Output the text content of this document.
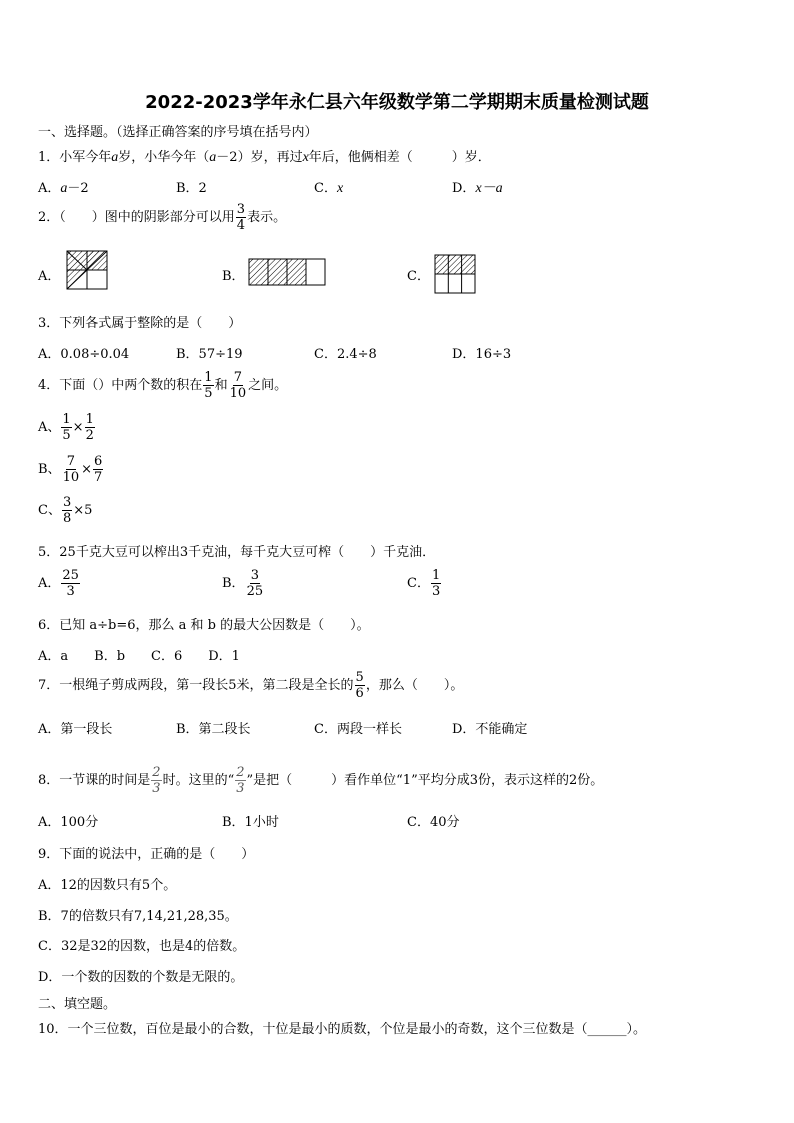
2022-2023学年永仁县六年级数学第二学期期末质量检测试题
一、选择题。（选择正确答案的序号填在括号内）
1．小军今年a岁，小华今年（a－2）岁，再过x年后，他俩相差（　　　）岁．
A．a－2	B．2	C．x	D．x－a
2．（　　）图中的阴影部分可以用 $\frac{3}{4}$ 表示。
A．	B．	C．
3．下列各式属于整除的是（　　）
A．0.08÷0.04	B．57÷19	C．2.4÷8	D．16÷3
4．下面（）中两个数的积在 $\frac{1}{5}$ 和 $\frac{7}{10}$ 之间。
A、 $\frac{1}{5} \times \frac{1}{2}$
B、 $\frac{7}{10} \times \frac{6}{7}$
C、 $\frac{3}{8} \times 5$
5．25千克大豆可以榨出3千克油，每千克大豆可榨（　　）千克油．
A． $\frac{25}{3}$	B． $\frac{3}{25}$	C． $\frac{1}{3}$
6．已知 a÷b=6，那么 a 和 b 的最大公因数是（　　）。
A．a　　B．b　　C．6　　D．1
7．一根绳子剪成两段，第一段长5米，第二段是全长的 $\frac{5}{6}$ ，那么（　　）。
A．第一段长	B．第二段长	C．两段一样长	D．不能确定
8．一节课的时间是 $\frac{2}{3}$ 时。这里的“ $\frac{2}{3}$ ”是把（　　　）看作单位“1”平均分成3份，表示这样的2份。
A．100分	B．1小时	C．40分
9．下面的说法中，正确的是（　　）
A．12的因数只有5个。
B．7的倍数只有7,14,21,28,35。
C．32是32的因数，也是4的倍数。
D．一个数的因数的个数是无限的。
二、填空题。
10．一个三位数，百位是最小的合数，十位是最小的质数，个位是最小的奇数，这个三位数是（______）。
